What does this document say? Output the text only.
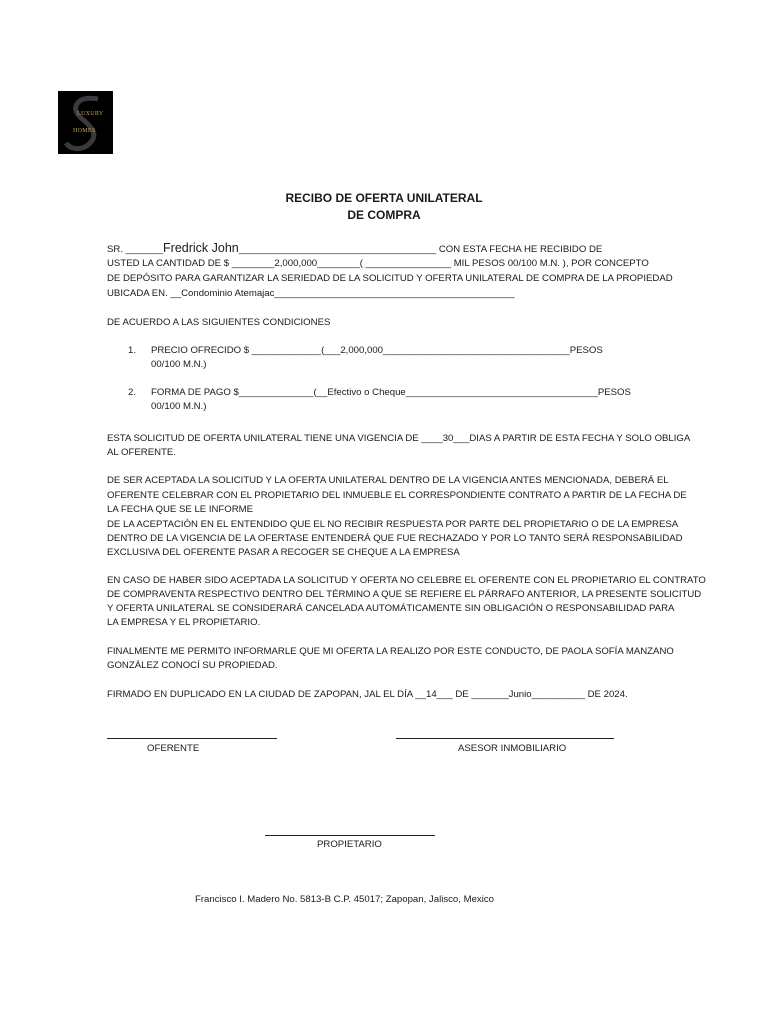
LUXURY
HOMES
RECIBO DE OFERTA UNILATERAL
DE COMPRA
SR. _______Fredrick John_____________________________________ CON ESTA FECHA HE RECIBIDO DE
USTED LA CANTIDAD DE $ ________2,000,000________( ________________ MIL PESOS 00/100 M.N. ), POR CONCEPTO
DE DEPÓSITO PARA GARANTIZAR LA SERIEDAD DE LA SOLICITUD Y OFERTA UNILATERAL DE COMPRA DE LA PROPIEDAD
UBICADA EN. __Condominio Atemajac_____________________________________________
DE ACUERDO A LAS SIGUIENTES CONDICIONES
1. PRECIO OFRECIDO $ _____________(___2,000,000___________________________________PESOS
00/100 M.N.)
2. FORMA DE PAGO $______________(__Efectivo o Cheque____________________________________PESOS
00/100 M.N.)
ESTA SOLICITUD DE OFERTA UNILATERAL TIENE UNA VIGENCIA DE ____30___DIAS A PARTIR DE ESTA FECHA Y SOLO OBLIGA
AL OFERENTE.
DE SER ACEPTADA LA SOLICITUD Y LA OFERTA UNILATERAL DENTRO DE LA VIGENCIA ANTES MENCIONADA, DEBERÁ EL
OFERENTE CELEBRAR CON EL PROPIETARIO DEL INMUEBLE EL CORRESPONDIENTE CONTRATO A PARTIR DE LA FECHA DE
LA FECHA QUE SE LE INFORME
DE LA ACEPTACIÓN EN EL ENTENDIDO QUE EL NO RECIBIR RESPUESTA POR PARTE DEL PROPIETARIO O DE LA EMPRESA
DENTRO DE LA VIGENCIA DE LA OFERTASE ENTENDERÁ QUE FUE RECHAZADO Y POR LO TANTO SERÁ RESPONSABILIDAD
EXCLUSIVA DEL OFERENTE PASAR A RECOGER SE CHEQUE A LA EMPRESA
EN CASO DE HABER SIDO ACEPTADA LA SOLICITUD Y OFERTA NO CELEBRE EL OFERENTE CON EL PROPIETARIO EL CONTRATO
DE COMPRAVENTA RESPECTIVO DENTRO DEL TÉRMINO A QUE SE REFIERE EL PÁRRAFO ANTERIOR, LA PRESENTE SOLICITUD
Y OFERTA UNILATERAL SE CONSIDERARÁ CANCELADA AUTOMÁTICAMENTE SIN OBLIGACIÓN O RESPONSABILIDAD PARA
LA EMPRESA Y EL PROPIETARIO.
FINALMENTE ME PERMITO INFORMARLE QUE MI OFERTA LA REALIZO POR ESTE CONDUCTO, DE PAOLA SOFÍA MANZANO
GONZÁLEZ CONOCÍ SU PROPIEDAD.
FIRMADO EN DUPLICADO EN LA CIUDAD DE ZAPOPAN, JAL EL DÍA __14___ DE _______Junio__________ DE 2024.
OFERENTE	ASESOR INMOBILIARIO
PROPIETARIO
Francisco I. Madero No. 5813-B C.P. 45017; Zapopan, Jalisco, Mexico
